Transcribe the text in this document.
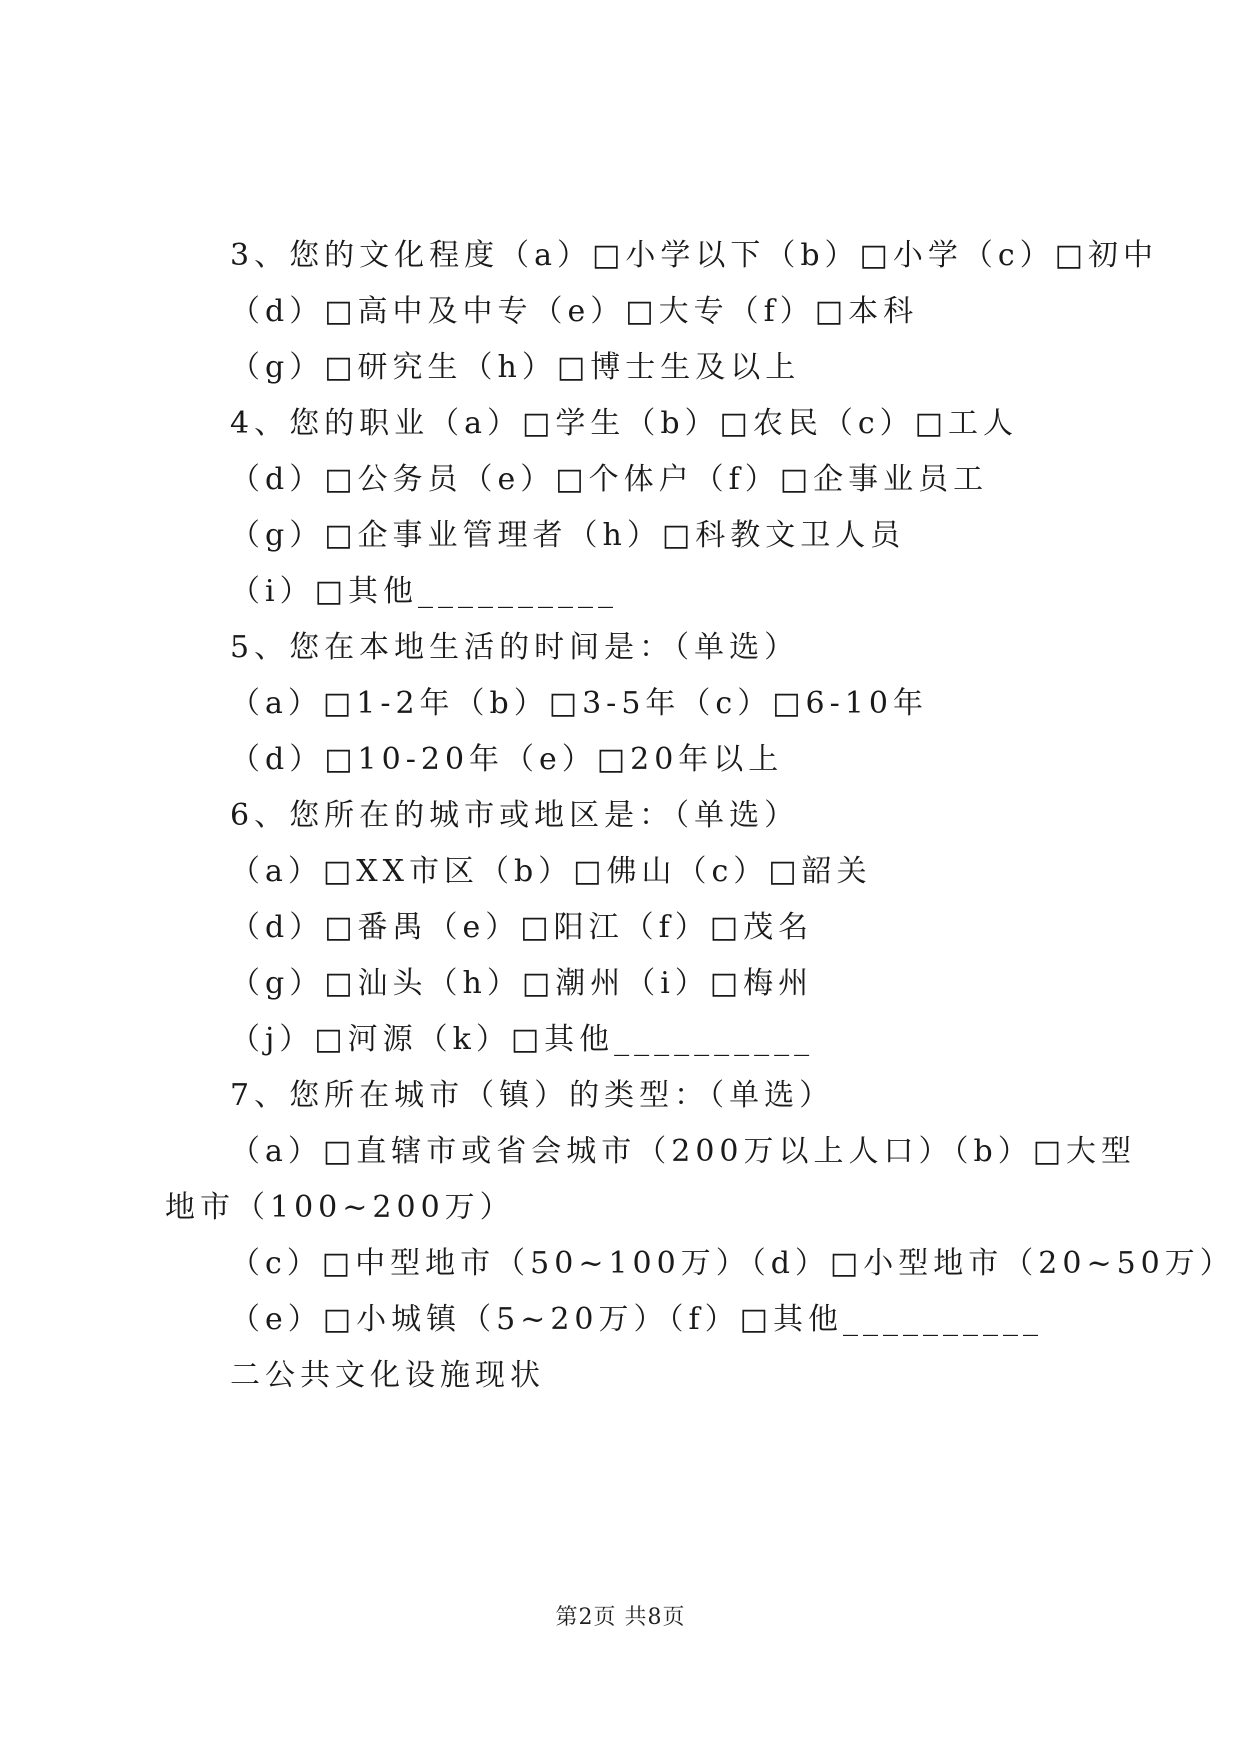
3、您的文化程度（a）□小学以下（b）□小学（c）□初中
（d）□高中及中专（e）□大专（f）□本科
（g）□研究生（h）□博士生及以上
4、您的职业（a）□学生（b）□农民（c）□工人
（d）□公务员（e）□个体户（f）□企事业员工
（g）□企事业管理者（h）□科教文卫人员
（i）□其他__________
5、您在本地生活的时间是：（单选）
（a）□1-2年（b）□3-5年（c）□6-10年
（d）□10-20年（e）□20年以上
6、您所在的城市或地区是：（单选）
（a）□XX市区（b）□佛山（c）□韶关
（d）□番禺（e）□阳江（f）□茂名
（g）□汕头（h）□潮州（i）□梅州
（j）□河源（k）□其他__________
7、您所在城市（镇）的类型：（单选）
（a）□直辖市或省会城市（200万以上人口）（b）□大型
地市（100~200万）
（c）□中型地市（50~100万）（d）□小型地市（20~50万）
（e）□小城镇（5~20万）（f）□其他__________
二公共文化设施现状
第2页 共8页
